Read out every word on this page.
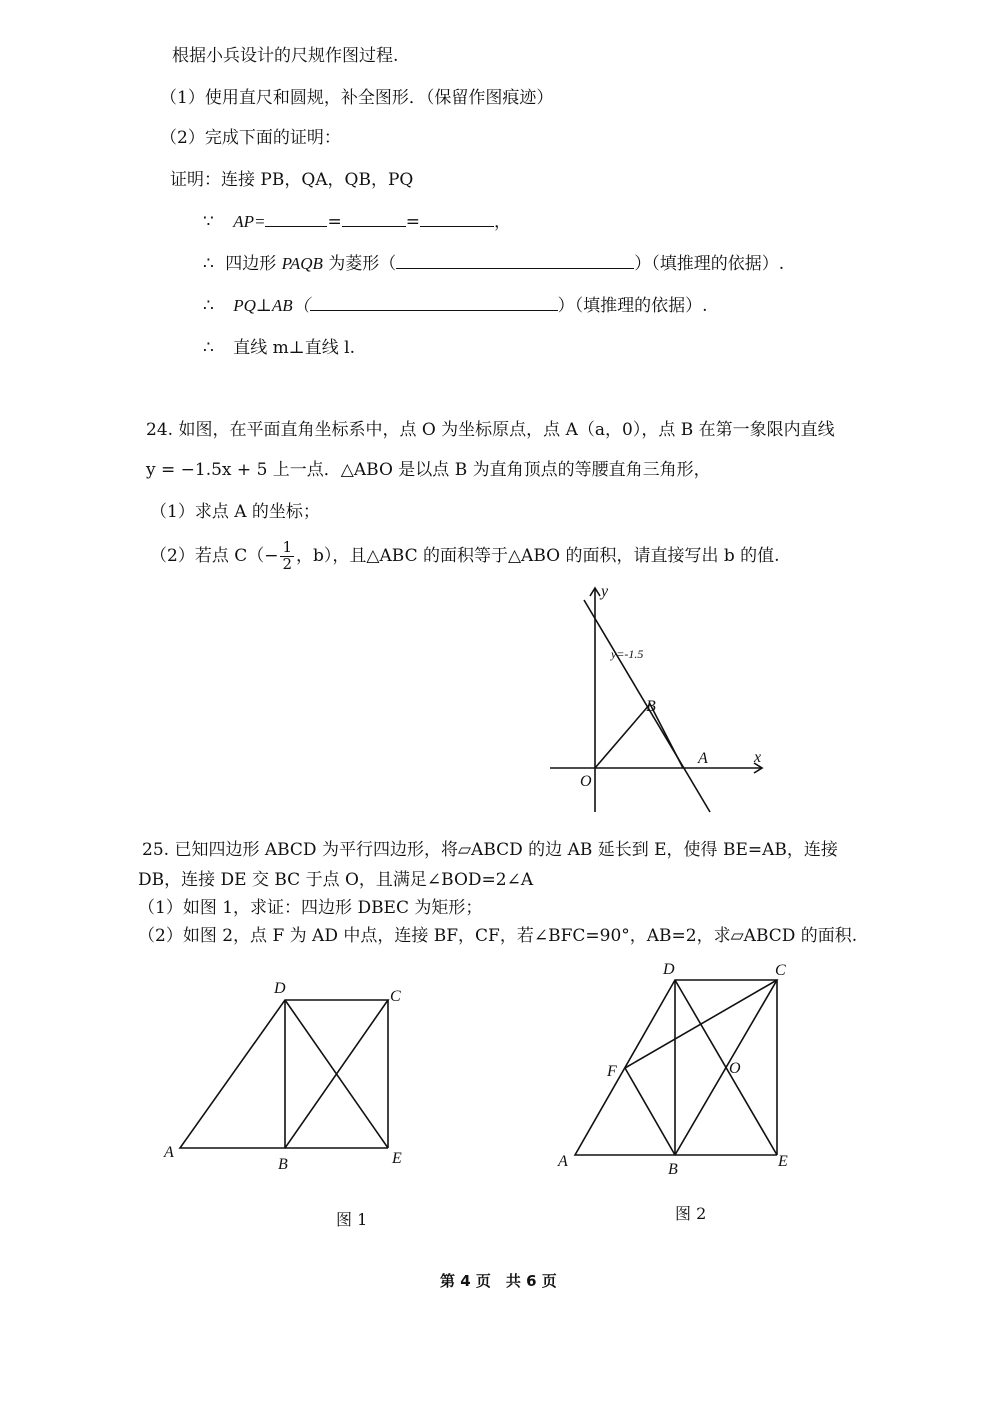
根据小兵设计的尺规作图过程.
（1）使用直尺和圆规，补全图形．（保留作图痕迹）
（2）完成下面的证明：
证明：连接 PB，QA，QB，PQ
∵ AP=	=	=	，
∴ 四边形 PAQB 为菱形（	）（填推理的依据）.
∴ PQ⊥AB（	）（填推理的依据）.
∴ 直线 m⊥直线 l.
24. 如图，在平面直角坐标系中，点 O 为坐标原点，点 A（a，0），点 B 在第一象限内直线
y = −1.5x + 5 上一点．△ABO 是以点 B 为直角顶点的等腰直角三角形，
（1）求点 A 的坐标；
（2）若点 $C(- \frac{1}{2}$ ，b），且△ABC 的面积等于△ABO 的面积，请直接写出 b 的值.
y
x
O
A
B
y=-1.5
25. 已知四边形 ABCD 为平行四边形，将▱ABCD 的边 AB 延长到 E，使得 BE=AB，连接
DB，连接 DE 交 BC 于点 O，且满足∠BOD=2∠A
（1）如图 1，求证：四边形 DBEC 为矩形；
（2）如图 2，点 F 为 AD 中点，连接 BF，CF，若∠BFC=90°，AB=2，求▱ABCD 的面积.
A
B
C
D
E
图 1
A	B
C
D
E
F	O
图 2
第 4 页　共 6 页
